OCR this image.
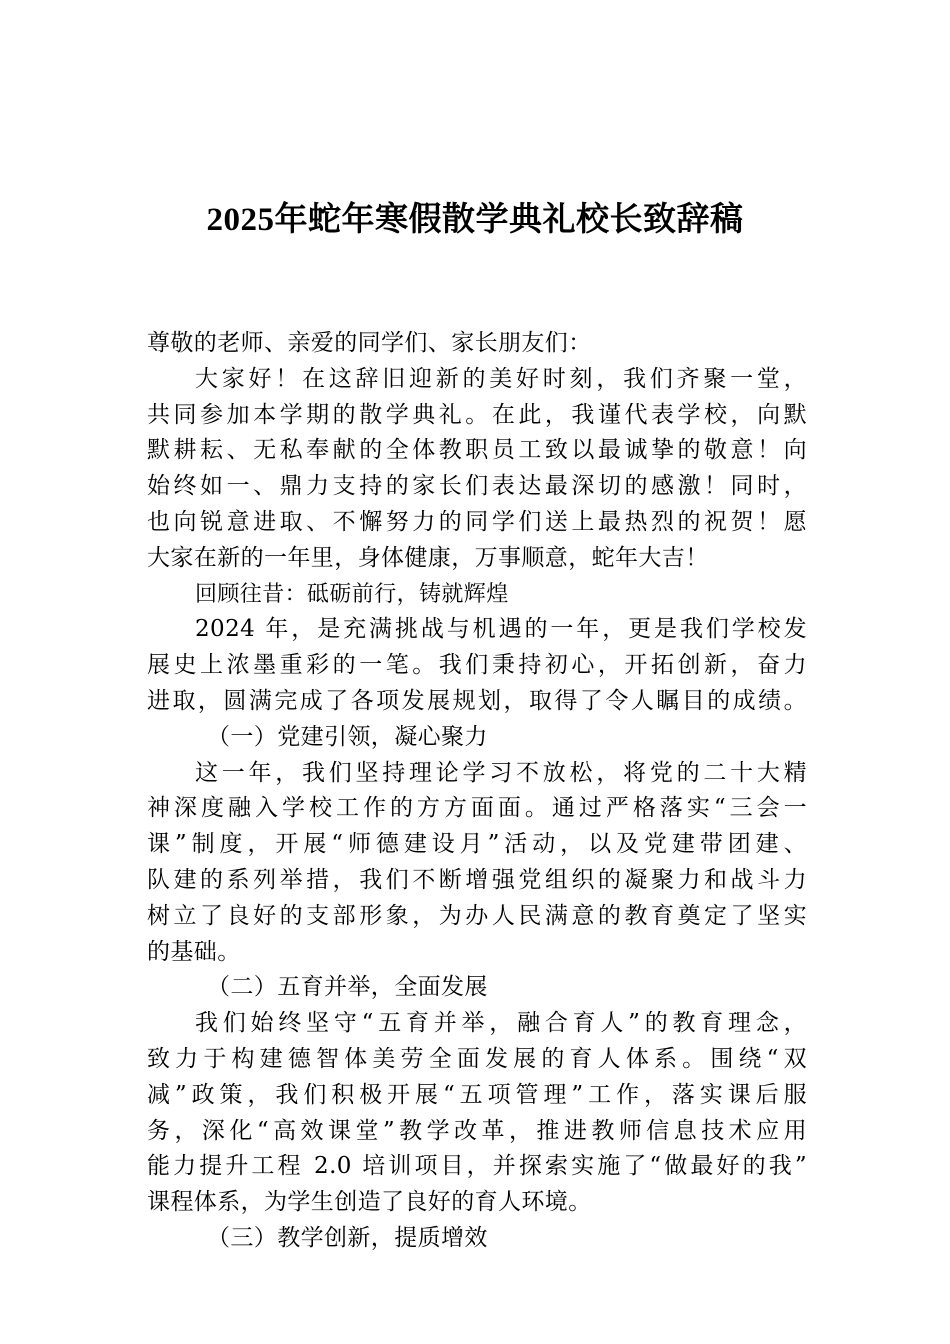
2025年蛇年寒假散学典礼校长致辞稿
尊敬的老师、亲爱的同学们、家长朋友们：
大家好！在这辞旧迎新的美好时刻，我们齐聚一堂，
共同参加本学期的散学典礼。在此，我谨代表学校，向默
默耕耘、无私奉献的全体教职员工致以最诚挚的敬意！向
始终如一、鼎力支持的家长们表达最深切的感激！同时，
也向锐意进取、不懈努力的同学们送上最热烈的祝贺！愿
大家在新的一年里，身体健康，万事顺意，蛇年大吉！
回顾往昔：砥砺前行，铸就辉煌
2024 年，是充满挑战与机遇的一年，更是我们学校发
展史上浓墨重彩的一笔。我们秉持初心，开拓创新，奋力
进取，圆满完成了各项发展规划，取得了令人瞩目的成绩。
（一）党建引领，凝心聚力
这一年，我们坚持理论学习不放松，将党的二十大精
神深度融入学校工作的方方面面。通过严格落实“三会一
课”制度，开展“师德建设月”活动，以及党建带团建、
队建的系列举措，我们不断增强党组织的凝聚力和战斗力
树立了良好的支部形象，为办人民满意的教育奠定了坚实
的基础。
（二）五育并举，全面发展
我们始终坚守“五育并举，融合育人”的教育理念，
致力于构建德智体美劳全面发展的育人体系。围绕“双
减”政策，我们积极开展“五项管理”工作，落实课后服
务，深化“高效课堂”教学改革，推进教师信息技术应用
能力提升工程 2.0 培训项目，并探索实施了“做最好的我”
课程体系，为学生创造了良好的育人环境。
（三）教学创新，提质增效
